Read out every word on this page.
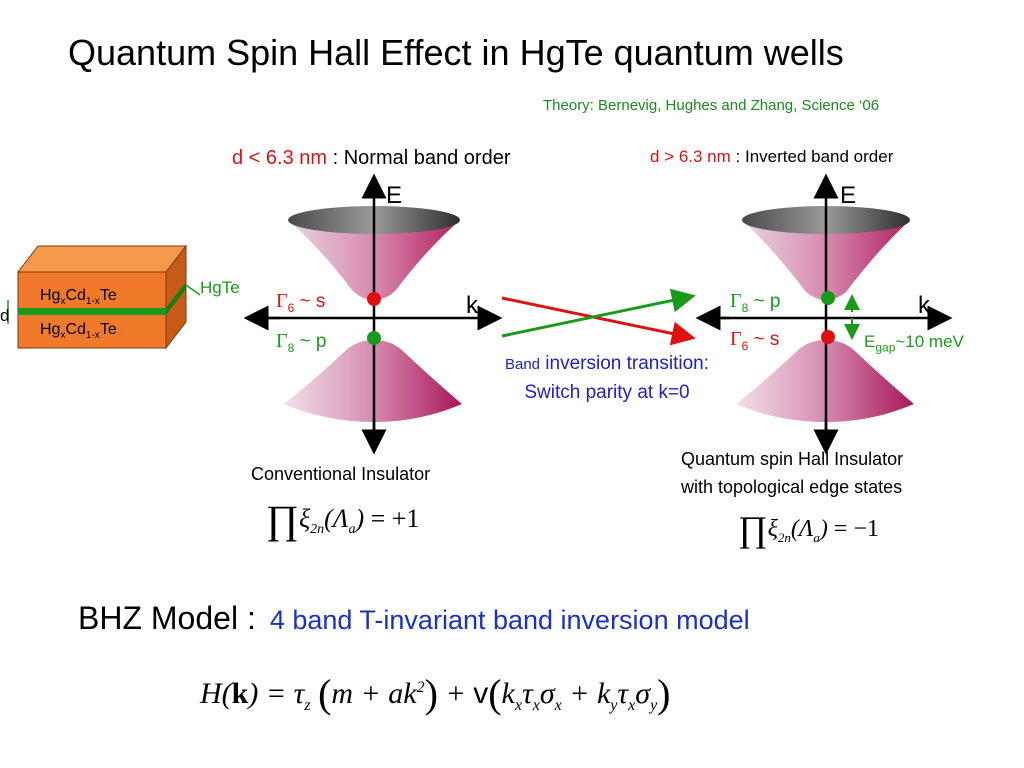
Quantum Spin Hall Effect in HgTe quantum wells
Theory: Bernevig, Hughes and Zhang, Science ‘06
HgTe
$Hg_xCd_{1-x}Te$
$Hg_xCd_{1-x}Te$
d
d < 6.3 nm : Normal band order
E
k
$\Gamma_6$ ~ s
$\Gamma_8$ ~ p
Conventional Insulator
$\prod\xi_{2n}(\Lambda_a) = +1$
d > 6.3 nm : Inverted band order
E
k
$\Gamma_8$ ~ p
$\Gamma_6$ ~ s	$E_{gap}\sim 10$ meV
Quantum spin Hall Insulator
with topological edge states
$\prod\xi_{2n}(\Lambda_a) = -1$
Band inversion transition:
Switch parity at k=0
BHZ Model : 4 band T-invariant band inversion model
$H(k) = \tau_z$ $(m + ak^2) + v(k_x\tau_x\sigma_x + k_y\tau_x\sigma_y)$
